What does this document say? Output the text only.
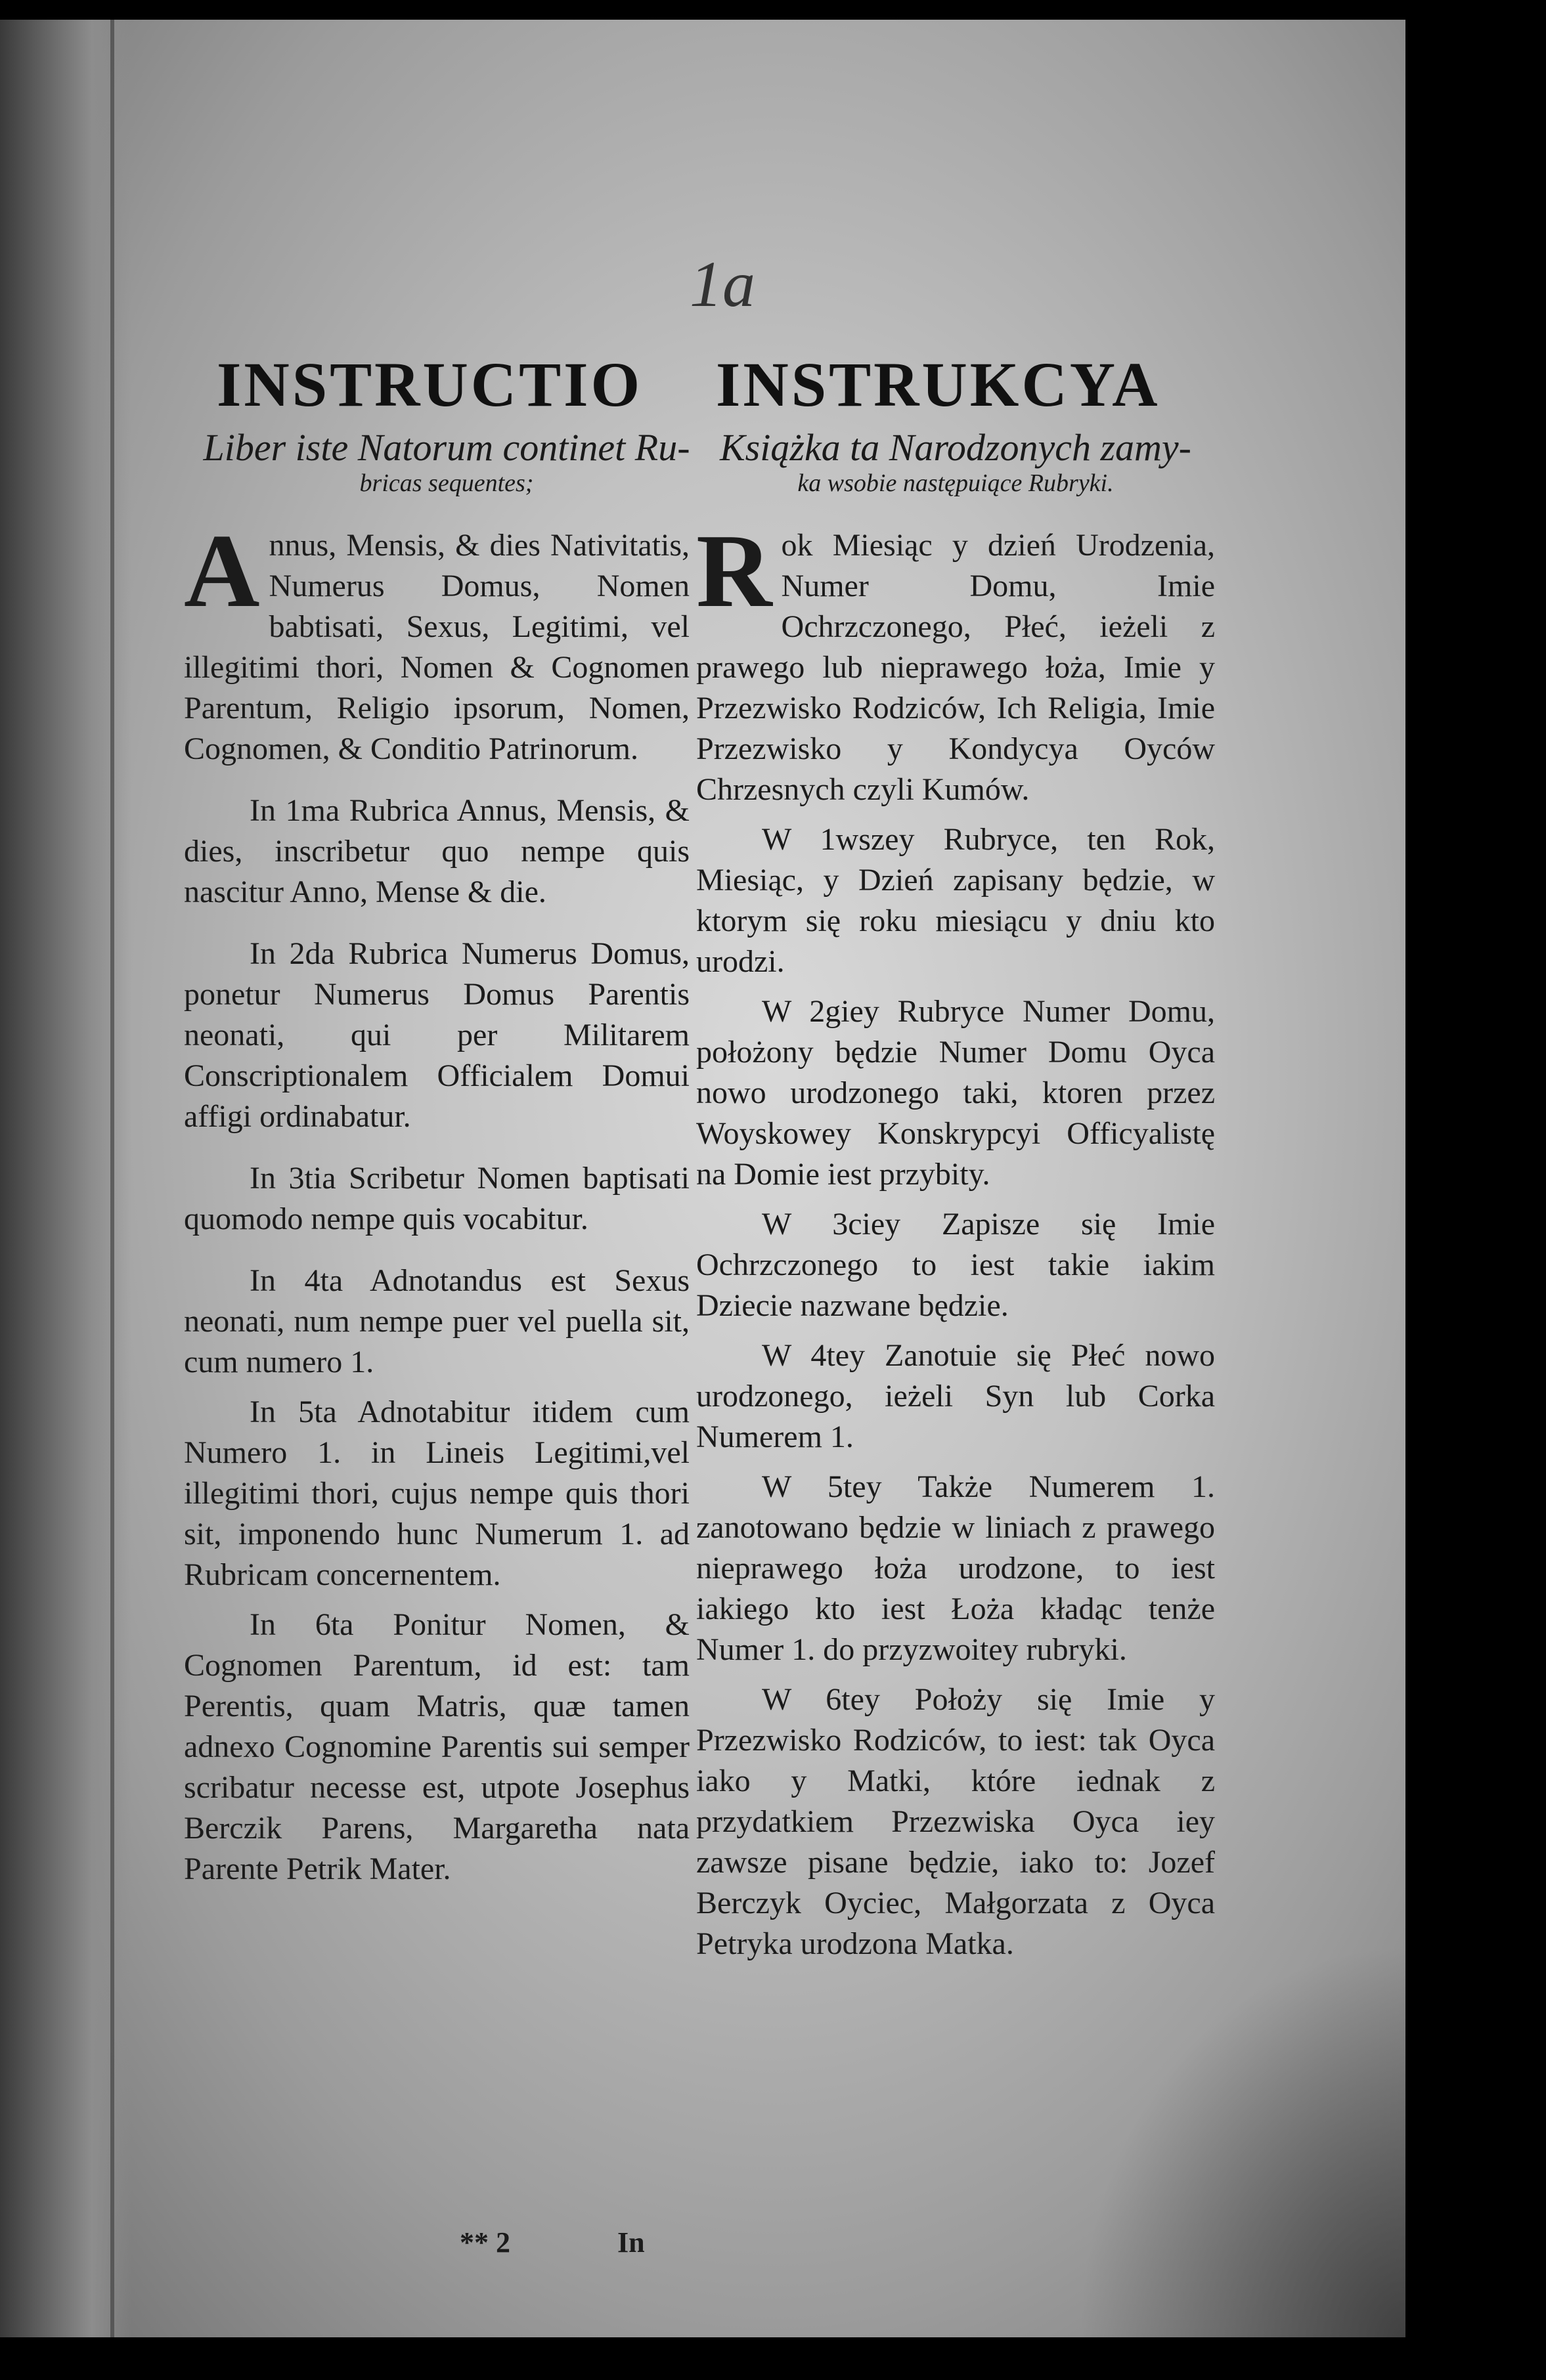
1a
INSTRUCTIO INSTRUKCYA
Liber iste Natorum continet Ru-
bricas sequentes;
Książka ta Narodzonych zamy-
ka wsobie następuiące Rubryki.

Annus, Mensis, & dies Nativitatis, Numerus Domus, Nomen babtisati, Sexus, Legitimi, vel illegitimi thori, Nomen & Cognomen Parentum, Religio ipsorum, Nomen, Cognomen, & Conditio Patrinorum.

In 1ma Rubrica Annus, Mensis, & dies, inscribetur quo nempe quis nascitur Anno, Mense & die.

In 2da Rubrica Numerus Domus, ponetur Numerus Domus Parentis neonati, qui per Militarem Conscriptionalem Officialem Domui affigi ordinabatur.

In 3tia Scribetur Nomen baptisati quomodo nempe quis vocabitur.

In 4ta Adnotandus est Sexus neonati, num nempe puer vel puella sit, cum numero 1.

In 5ta Adnotabitur itidem cum Numero 1. in Lineis Legitimi,vel illegitimi thori, cujus nempe quis thori sit, imponendo hunc Numerum 1. ad Rubricam concernentem.

In 6ta Ponitur Nomen, & Cognomen Parentum, id est: tam Perentis, quam Matris, quæ tamen adnexo Cognomine Parentis sui semper scribatur necesse est, utpote Josephus Berczik Parens, Margaretha nata Parente Petrik Mater.

Rok Miesiąc y dzień Urodzenia, Numer Domu, Imie Ochrzczonego, Płeć, ieżeli z prawego lub nieprawego łoża, Imie y Przezwisko Rodziców, Ich Religia, Imie Przezwisko y Kondycya Oyców Chrzesnych czyli Kumów.

W 1wszey Rubryce, ten Rok, Miesiąc, y Dzień zapisany będzie, w ktorym się roku miesiącu y dniu kto urodzi.

W 2giey Rubryce Numer Domu, położony będzie Numer Domu Oyca nowo urodzonego taki, ktoren przez Woyskowey Konskrypcyi Officyalistę na Domie iest przybity.

W 3ciey Zapisze się Imie Ochrzczonego to iest takie iakim Dziecie nazwane będzie.

W 4tey Zanotuie się Płeć nowo urodzonego, ieżeli Syn lub Corka Numerem 1.

W 5tey Także Numerem 1. zanotowano będzie w liniach z prawego nieprawego łoża urodzone, to iest iakiego kto iest Łoża kładąc tenże Numer 1. do przyzwoitey rubryki.

W 6tey Położy się Imie y Przezwisko Rodziców, to iest: tak Oyca iako y Matki, które iednak z przydatkiem Przezwiska Oyca iey zawsze pisane będzie, iako to: Jozef Berczyk Oyciec, Małgorzata z Oyca Petryka urodzona Matka.

** 2	In
